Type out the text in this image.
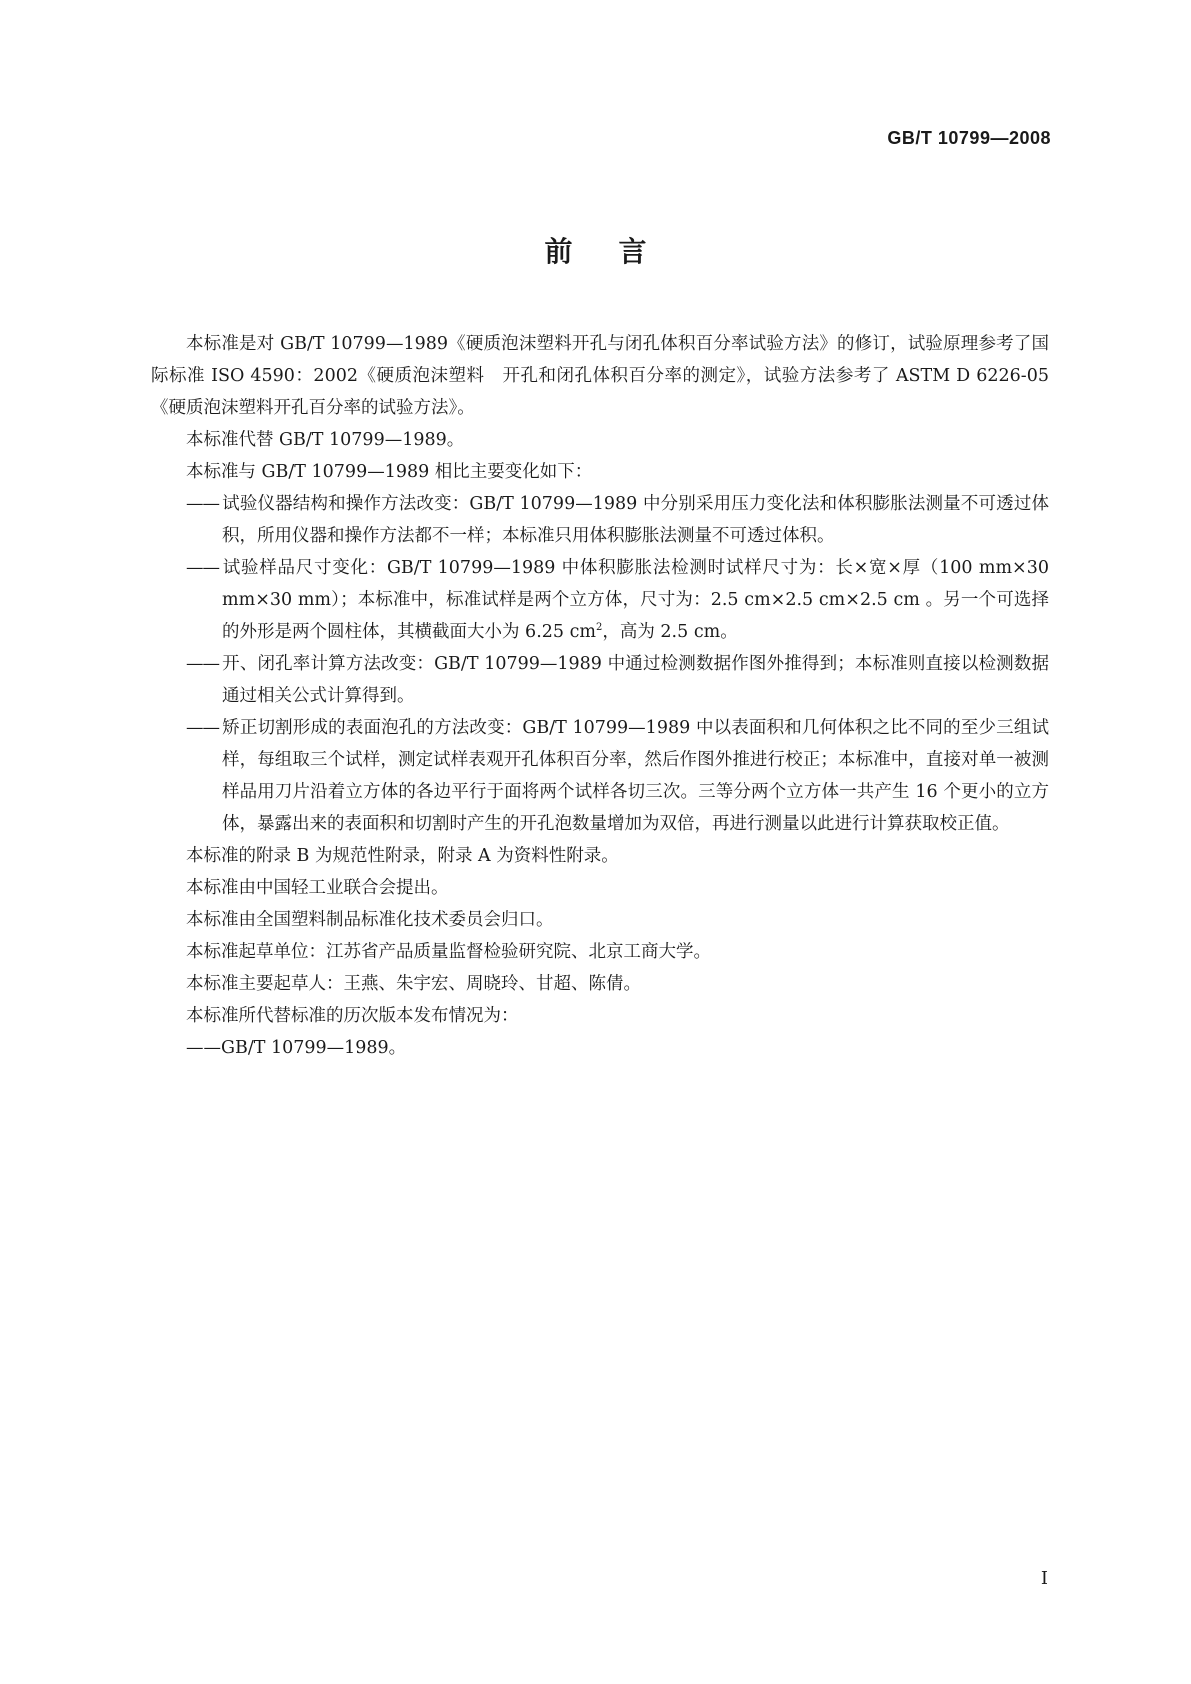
GB/T 10799—2008
前言

本标准是对 GB/T 10799—1989《硬质泡沫塑料开孔与闭孔体积百分率试验方法》的修订，试验原理参考了国际标准 ISO 4590：2002《硬质泡沫塑料　开孔和闭孔体积百分率的测定》，试验方法参考了 ASTM D 6226-05《硬质泡沫塑料开孔百分率的试验方法》。

本标准代替 GB/T 10799—1989。

本标准与 GB/T 10799—1989 相比主要变化如下：

—— 试验仪器结构和操作方法改变：GB/T 10799—1989 中分别采用压力变化法和体积膨胀法测量不可透过体积，所用仪器和操作方法都不一样；本标准只用体积膨胀法测量不可透过体积。

—— 试验样品尺寸变化：GB/T 10799—1989 中体积膨胀法检测时试样尺寸为：长×宽×厚（100 mm×30 mm×30 mm）；本标准中，标准试样是两个立方体，尺寸为：2.5 cm×2.5 cm×2.5 cm 。另一个可选择的外形是两个圆柱体，其横截面大小为 6.25 $cm^2$，高为 2.5 cm。

—— 开、闭孔率计算方法改变：GB/T 10799—1989 中通过检测数据作图外推得到；本标准则直接以检测数据通过相关公式计算得到。

—— 矫正切割形成的表面泡孔的方法改变：GB/T 10799—1989 中以表面积和几何体积之比不同的至少三组试样，每组取三个试样，测定试样表观开孔体积百分率，然后作图外推进行校正；本标准中，直接对单一被测样品用刀片沿着立方体的各边平行于面将两个试样各切三次。三等分两个立方体一共产生 16 个更小的立方体，暴露出来的表面积和切割时产生的开孔泡数量增加为双倍，再进行测量以此进行计算获取校正值。

本标准的附录 B 为规范性附录，附录 A 为资料性附录。

本标准由中国轻工业联合会提出。

本标准由全国塑料制品标准化技术委员会归口。

本标准起草单位：江苏省产品质量监督检验研究院、北京工商大学。

本标准主要起草人：王燕、朱宇宏、周晓玲、甘超、陈倩。

本标准所代替标准的历次版本发布情况为：

——GB/T 10799—1989。

I
